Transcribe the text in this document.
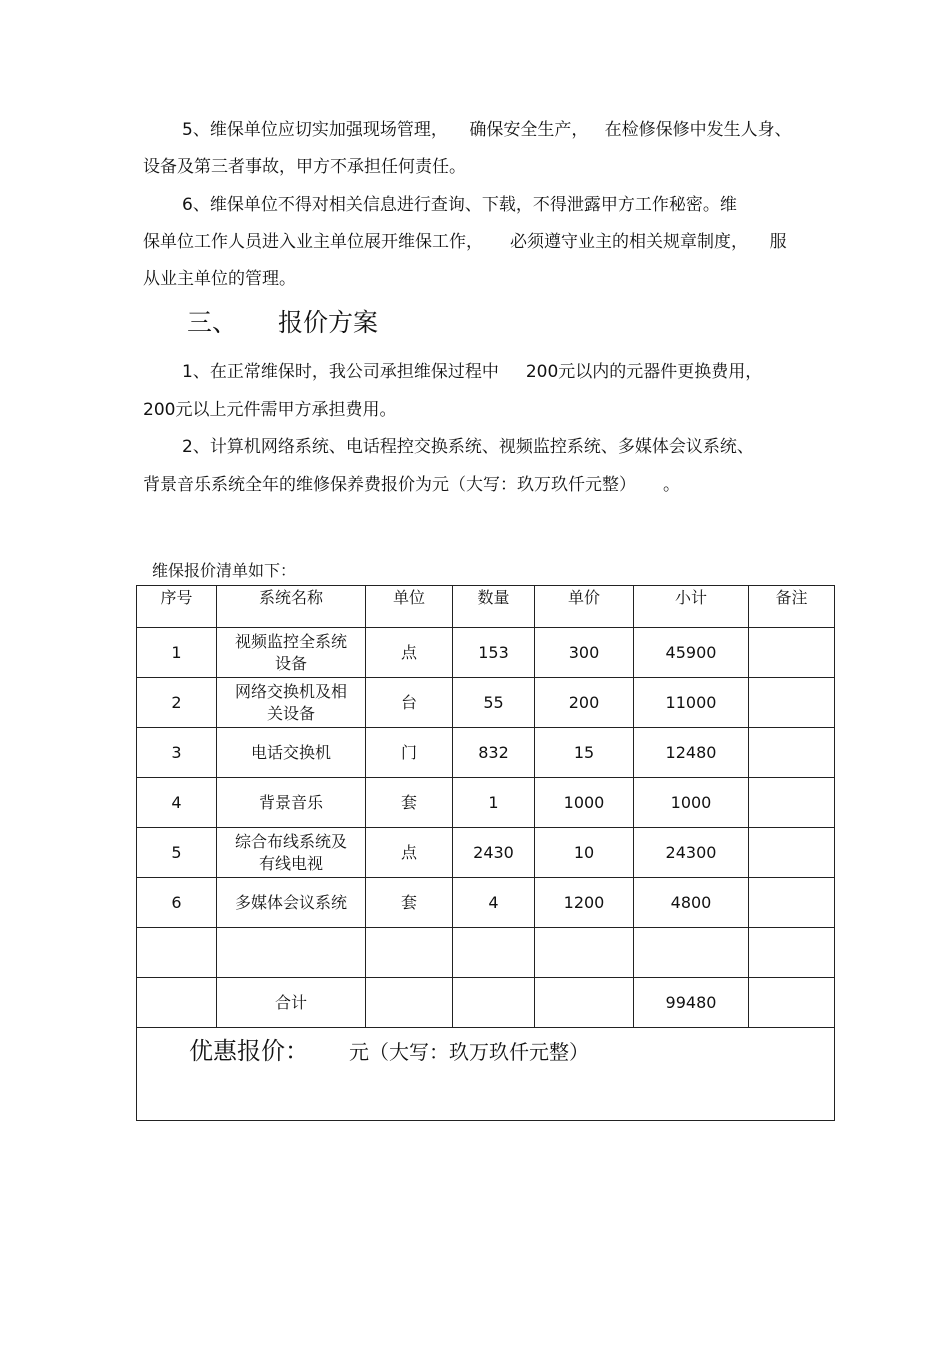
5、维保单位应切实加强现场管理，    确保安全生产，   在检修保修中发生人身、
设备及第三者事故，甲方不承担任何责任。
6、维保单位不得对相关信息进行查询、下载，不得泄露甲方工作秘密。维
保单位工作人员进入业主单位展开维保工作，     必须遵守业主的相关规章制度，    服
从业主单位的管理。
三、 报价方案
1、在正常维保时，我公司承担维保过程中     200元以内的元器件更换费用，
200元以上元件需甲方承担费用。
2、计算机网络系统、电话程控交换系统、视频监控系统、多媒体会议系统、
背景音乐系统全年的维修保养费报价为元（大写：玖万玖仟元整）     。
维保报价清单如下：
序号	系统名称	单位	数量	单价	小计	备注
1	视频监控全系统设备	点	153	300	45900	
2	网络交换机及相关设备	台	55	200	11000	
3	电话交换机	门	832	15	12480	
4	背景音乐	套	1	1000	1000	
5	综合布线系统及有线电视	点	2430	10	24300	
6	多媒体会议系统	套	4	1200	4800	

	合计				99480	

优惠报价： 元（大写：玖万玖仟元整）						
